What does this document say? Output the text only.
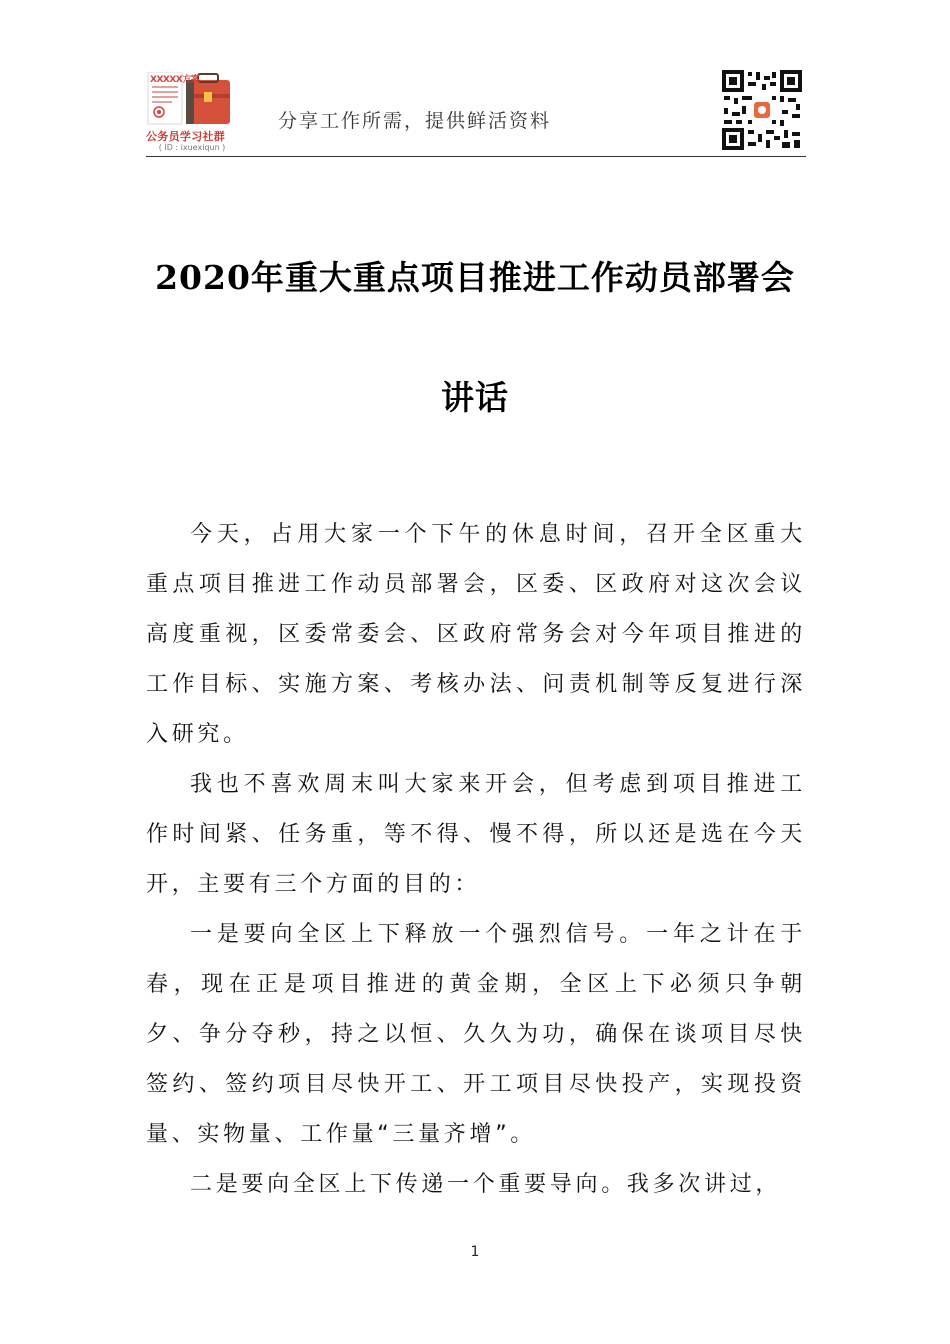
XXXXX方案
公务员学习社群
( ID : ixuexiqun )
分享工作所需，提供鲜活资料
2020年重大重点项目推进工作动员部署会
讲话

今天，占用大家一个下午的休息时间，召开全区重大重点项目推进工作动员部署会，区委、区政府对这次会议高度重视，区委常委会、区政府常务会对今年项目推进的工作目标、实施方案、考核办法、问责机制等反复进行深入研究。

我也不喜欢周末叫大家来开会，但考虑到项目推进工作时间紧、任务重，等不得、慢不得，所以还是选在今天开，主要有三个方面的目的：

一是要向全区上下释放一个强烈信号。一年之计在于春，现在正是项目推进的黄金期，全区上下必须只争朝夕、争分夺秒，持之以恒、久久为功，确保在谈项目尽快签约、签约项目尽快开工、开工项目尽快投产，实现投资量、实物量、工作量“三量齐增”。

二是要向全区上下传递一个重要导向。我多次讲过，

1
